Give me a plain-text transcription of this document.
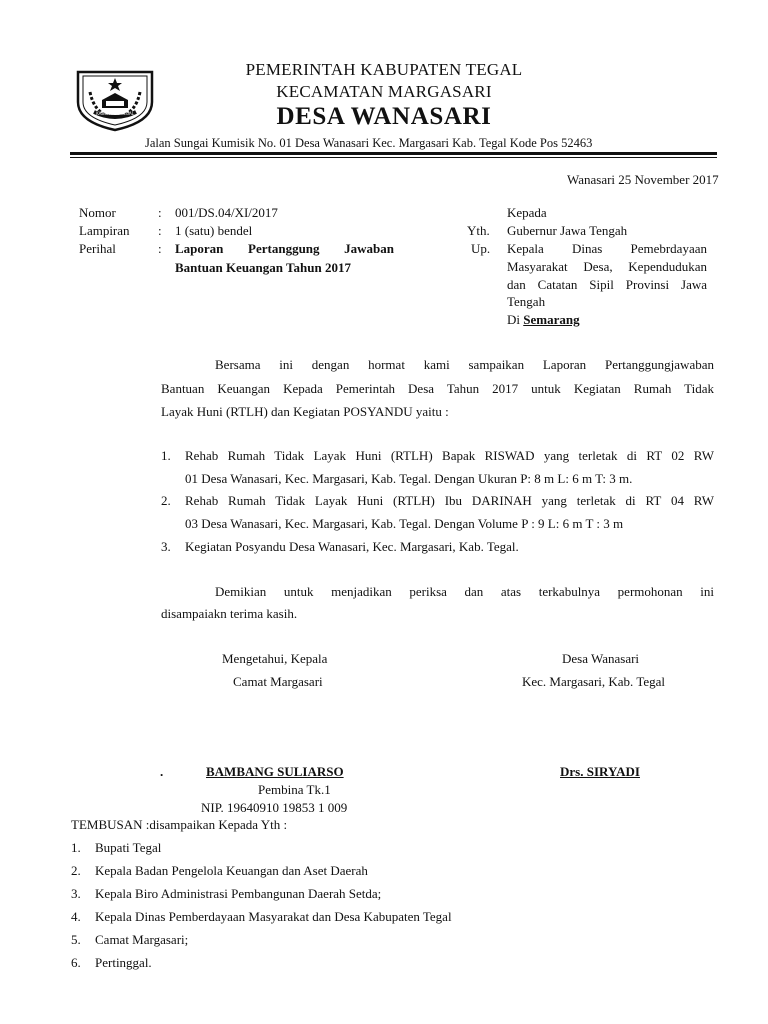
KABUPATEN TEGAL
PEMERINTAH KABUPATEN TEGAL
KECAMATAN MARGASARI
DESA WANASARI
Jalan Sungai Kumisik No. 01 Desa Wanasari Kec. Margasari Kab. Tegal Kode Pos 52463
Wanasari 25 November 2017
Nomor	: 001/DS.04/XI/2017
Lampiran : 1 (satu) bendel
Perihal	: Laporan Pertanggung Jawaban
Bantuan Keuangan Tahun 2017
Kepada
Yth. Gubernur Jawa Tengah
Up. Kepala Dinas Pemebrdayaan
Masyarakat Desa, Kependudukan
dan Catatan Sipil Provinsi Jawa
Tengah
Di Semarang
Bersama ini dengan hormat kami sampaikan Laporan Pertanggungjawaban
Bantuan Keuangan Kepada Pemerintah Desa Tahun 2017 untuk Kegiatan Rumah Tidak
Layak Huni (RTLH) dan Kegiatan POSYANDU yaitu :
1. Rehab Rumah Tidak Layak Huni (RTLH) Bapak RISWAD yang terletak di RT 02 RW
01 Desa Wanasari, Kec. Margasari, Kab. Tegal. Dengan Ukuran P: 8 m L: 6 m T: 3 m.
2. Rehab Rumah Tidak Layak Huni (RTLH) Ibu DARINAH yang terletak di RT 04 RW
03 Desa Wanasari, Kec. Margasari, Kab. Tegal. Dengan Volume P : 9 L: 6 m T : 3 m
3. Kegiatan Posyandu Desa Wanasari, Kec. Margasari, Kab. Tegal.
Demikian untuk menjadikan periksa dan atas terkabulnya permohonan ini
disampaiakn terima kasih.
Mengetahui, Kepala
Camat Margasari
Desa Wanasari
Kec. Margasari, Kab. Tegal
.	BAMBANG SULIARSO
Pembina Tk.1
NIP. 19640910 19853 1 009
Drs. SIRYADI
TEMBUSAN :disampaikan Kepada Yth :
1. Bupati Tegal
2. Kepala Badan Pengelola Keuangan dan Aset Daerah
3. Kepala Biro Administrasi Pembangunan Daerah Setda;
4. Kepala Dinas Pemberdayaan Masyarakat dan Desa Kabupaten Tegal
5. Camat Margasari;
6. Pertinggal.
